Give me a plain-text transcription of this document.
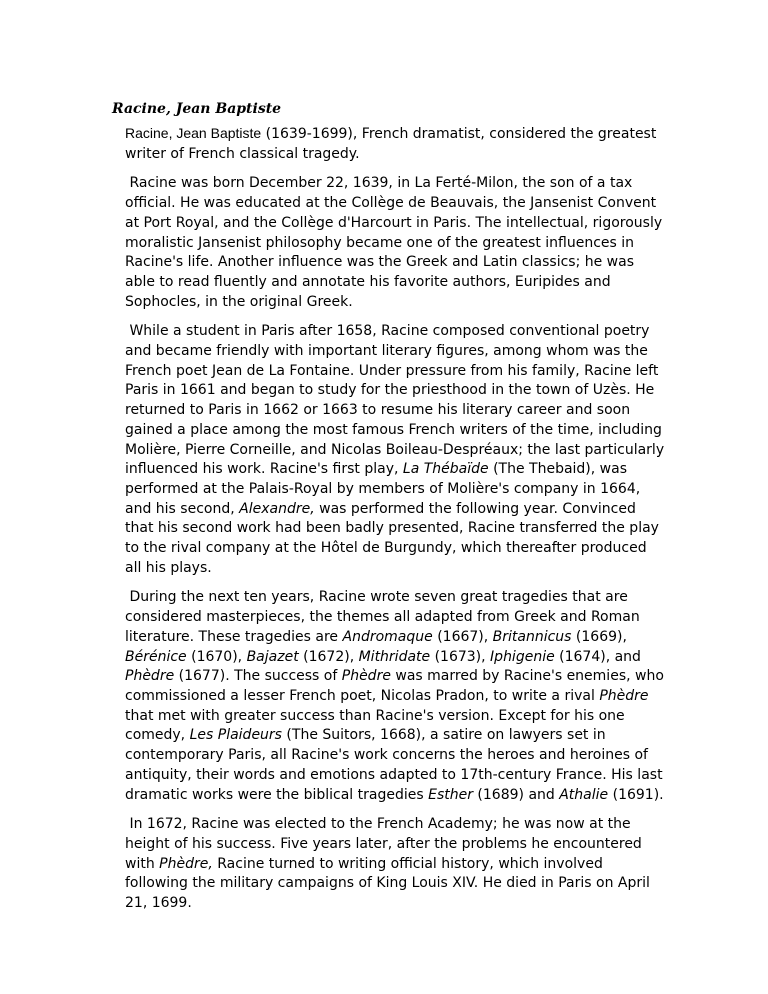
Racine, Jean Baptiste

Racine, Jean Baptiste (1639-1699), French dramatist, considered the greatest writer of French classical tragedy.

Racine was born December 22, 1639, in La Ferté-Milon, the son of a tax official. He was educated at the Collège de Beauvais, the Jansenist Convent at Port Royal, and the Collège d'Harcourt in Paris. The intellectual, rigorously moralistic Jansenist philosophy became one of the greatest influences in Racine's life. Another influence was the Greek and Latin classics; he was able to read fluently and annotate his favorite authors, Euripides and Sophocles, in the original Greek.

While a student in Paris after 1658, Racine composed conventional poetry and became friendly with important literary figures, among whom was the French poet Jean de La Fontaine. Under pressure from his family, Racine left Paris in 1661 and began to study for the priesthood in the town of Uzès. He returned to Paris in 1662 or 1663 to resume his literary career and soon gained a place among the most famous French writers of the time, including Molière, Pierre Corneille, and Nicolas Boileau-Despréaux; the last particularly influenced his work. Racine's first play, La Thébaïde (The Thebaid), was performed at the Palais-Royal by members of Molière's company in 1664, and his second, Alexandre, was performed the following year. Convinced that his second work had been badly presented, Racine transferred the play to the rival company at the Hôtel de Burgundy, which thereafter produced all his plays.

During the next ten years, Racine wrote seven great tragedies that are considered masterpieces, the themes all adapted from Greek and Roman literature. These tragedies are Andromaque (1667), Britannicus (1669), Bérénice (1670), Bajazet (1672), Mithridate (1673), Iphigenie (1674), and Phèdre (1677). The success of Phèdre was marred by Racine's enemies, who commissioned a lesser French poet, Nicolas Pradon, to write a rival Phèdre that met with greater success than Racine's version. Except for his one comedy, Les Plaideurs (The Suitors, 1668), a satire on lawyers set in contemporary Paris, all Racine's work concerns the heroes and heroines of antiquity, their words and emotions adapted to 17th-century France. His last dramatic works were the biblical tragedies Esther (1689) and Athalie (1691).

In 1672, Racine was elected to the French Academy; he was now at the height of his success. Five years later, after the problems he encountered with Phèdre, Racine turned to writing official history, which involved following the military campaigns of King Louis XIV. He died in Paris on April 21, 1699.
